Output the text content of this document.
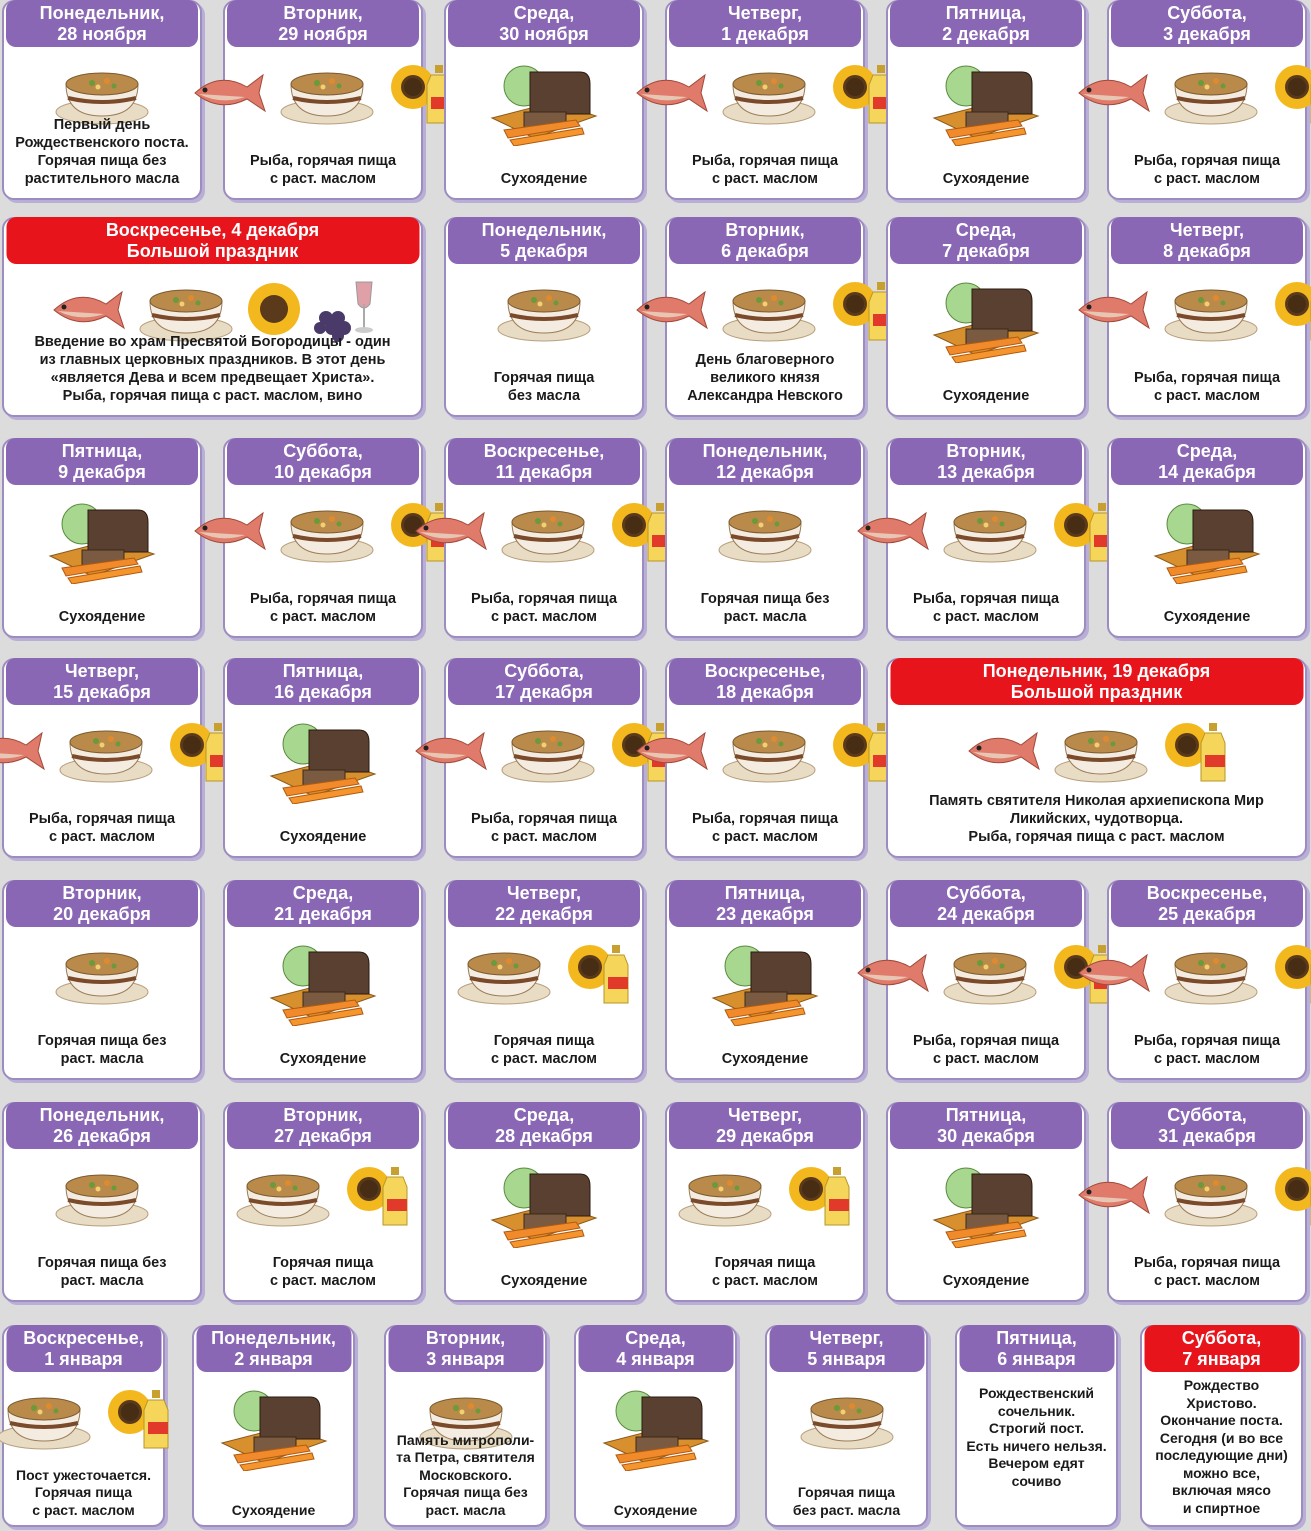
Понедельник,
28 ноября
Первый день
Рождественского поста.
Горячая пища без
растительного масла
Вторник,
29 ноября
Рыба, горячая пища
с раст. маслом
Среда,
30 ноября
Сухоядение
Четверг,
1 декабря
Рыба, горячая пища
с раст. маслом
Пятница,
2 декабря
Сухоядение
Суббота,
3 декабря
Рыба, горячая пища
с раст. маслом
Воскресенье, 4 декабря
Большой праздник
Введение во храм Пресвятой Богородицы - один
из главных церковных праздников. В этот день
«является Дева и всем предвещает Христа».
Рыба, горячая пища с раст. маслом, вино
Понедельник,
5 декабря
Горячая пища
без масла
Вторник,
6 декабря
День благоверного
великого князя
Александра Невского
Среда,
7 декабря
Сухоядение
Четверг,
8 декабря
Рыба, горячая пища
с раст. маслом
Пятница,
9 декабря
Сухоядение
Суббота,
10 декабря
Рыба, горячая пища
с раст. маслом
Воскресенье,
11 декабря
Рыба, горячая пища
с раст. маслом
Понедельник,
12 декабря
Горячая пища без
раст. масла
Вторник,
13 декабря
Рыба, горячая пища
с раст. маслом
Среда,
14 декабря
Сухоядение
Четверг,
15 декабря
Рыба, горячая пища
с раст. маслом
Пятница,
16 декабря
Сухоядение
Суббота,
17 декабря
Рыба, горячая пища
с раст. маслом
Воскресенье,
18 декабря
Рыба, горячая пища
с раст. маслом
Понедельник, 19 декабря
Большой праздник
Память святителя Николая архиепископа Мир
Ликийских, чудотворца.
Рыба, горячая пища с раст. маслом
Вторник,
20 декабря
Горячая пища без
раст. масла
Среда,
21 декабря
Сухоядение
Четверг,
22 декабря
Горячая пища
с раст. маслом
Пятница,
23 декабря
Сухоядение
Суббота,
24 декабря
Рыба, горячая пища
с раст. маслом
Воскресенье,
25 декабря
Рыба, горячая пища
с раст. маслом
Понедельник,
26 декабря
Горячая пища без
раст. масла
Вторник,
27 декабря
Горячая пища
с раст. маслом
Среда,
28 декабря
Сухоядение
Четверг,
29 декабря
Горячая пища
с раст. маслом
Пятница,
30 декабря
Сухоядение
Суббота,
31 декабря
Рыба, горячая пища
с раст. маслом
Воскресенье,
1 января
Пост ужесточается.
Горячая пища
с раст. маслом
Понедельник,
2 января
Сухоядение
Вторник,
3 января
Память митрополи-
та Петра, святителя
Московского.
Горячая пища без
раст. масла
Среда,
4 января
Сухоядение
Четверг,
5 января
Горячая пища
без раст. масла
Пятница,
6 января
Рождественский
сочельник.
Строгий пост.
Есть ничего нельзя.
Вечером едят
сочиво
Суббота,
7 января
Рождество
Христово.
Окончание поста.
Сегодня (и во все
последующие дни)
можно все,
включая мясо
и спиртное
